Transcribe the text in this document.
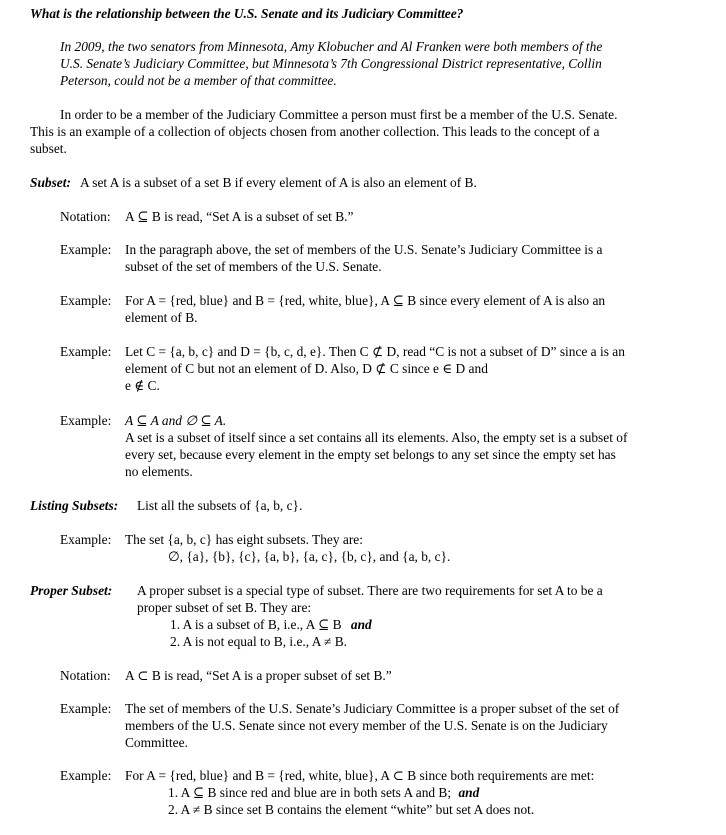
What is the relationship between the U.S. Senate and its Judiciary Committee?
In 2009, the two senators from Minnesota, Amy Klobucher and Al Franken were both members of the
U.S. Senate’s Judiciary Committee, but Minnesota’s 7th Congressional District representative, Collin
Peterson, could not be a member of that committee.
In order to be a member of the Judiciary Committee a person must first be a member of the U.S. Senate.
This is an example of a collection of objects chosen from another collection. This leads to the concept of a
subset.
Subset: A set A is a subset of a set B if every element of A is also an element of B.
Notation: A ⊆ B is read, “Set A is a subset of set B.”
Example: In the paragraph above, the set of members of the U.S. Senate’s Judiciary Committee is a
subset of the set of members of the U.S. Senate.
Example: For A = {red, blue} and B = {red, white, blue}, A ⊆ B since every element of A is also an
element of B.
Example: Let C = {a, b, c} and D = {b, c, d, e}. Then C ⊄ D, read “C is not a subset of D” since a is an
element of C but not an element of D. Also, D ⊄ C since e ∈ D and
e ∉ C.
Example: A ⊆ A and ∅ ⊆ A.
A set is a subset of itself since a set contains all its elements. Also, the empty set is a subset of
every set, because every element in the empty set belongs to any set since the empty set has
no elements.
Listing Subsets: List all the subsets of {a, b, c}.
Example: The set {a, b, c} has eight subsets. They are:
∅, {a}, {b}, {c}, {a, b}, {a, c}, {b, c}, and {a, b, c}.
Proper Subset: A proper subset is a special type of subset. There are two requirements for set A to be a
proper subset of set B. They are:
1. A is a subset of B, i.e., A ⊆ B and
2. A is not equal to B, i.e., A ≠ B.
Notation: A ⊂ B is read, “Set A is a proper subset of set B.”
Example: The set of members of the U.S. Senate’s Judiciary Committee is a proper subset of the set of
members of the U.S. Senate since not every member of the U.S. Senate is on the Judiciary
Committee.
Example: For A = {red, blue} and B = {red, white, blue}, A ⊂ B since both requirements are met:
1. A ⊆ B since red and blue are in both sets A and B; and
2. A ≠ B since set B contains the element “white” but set A does not.
